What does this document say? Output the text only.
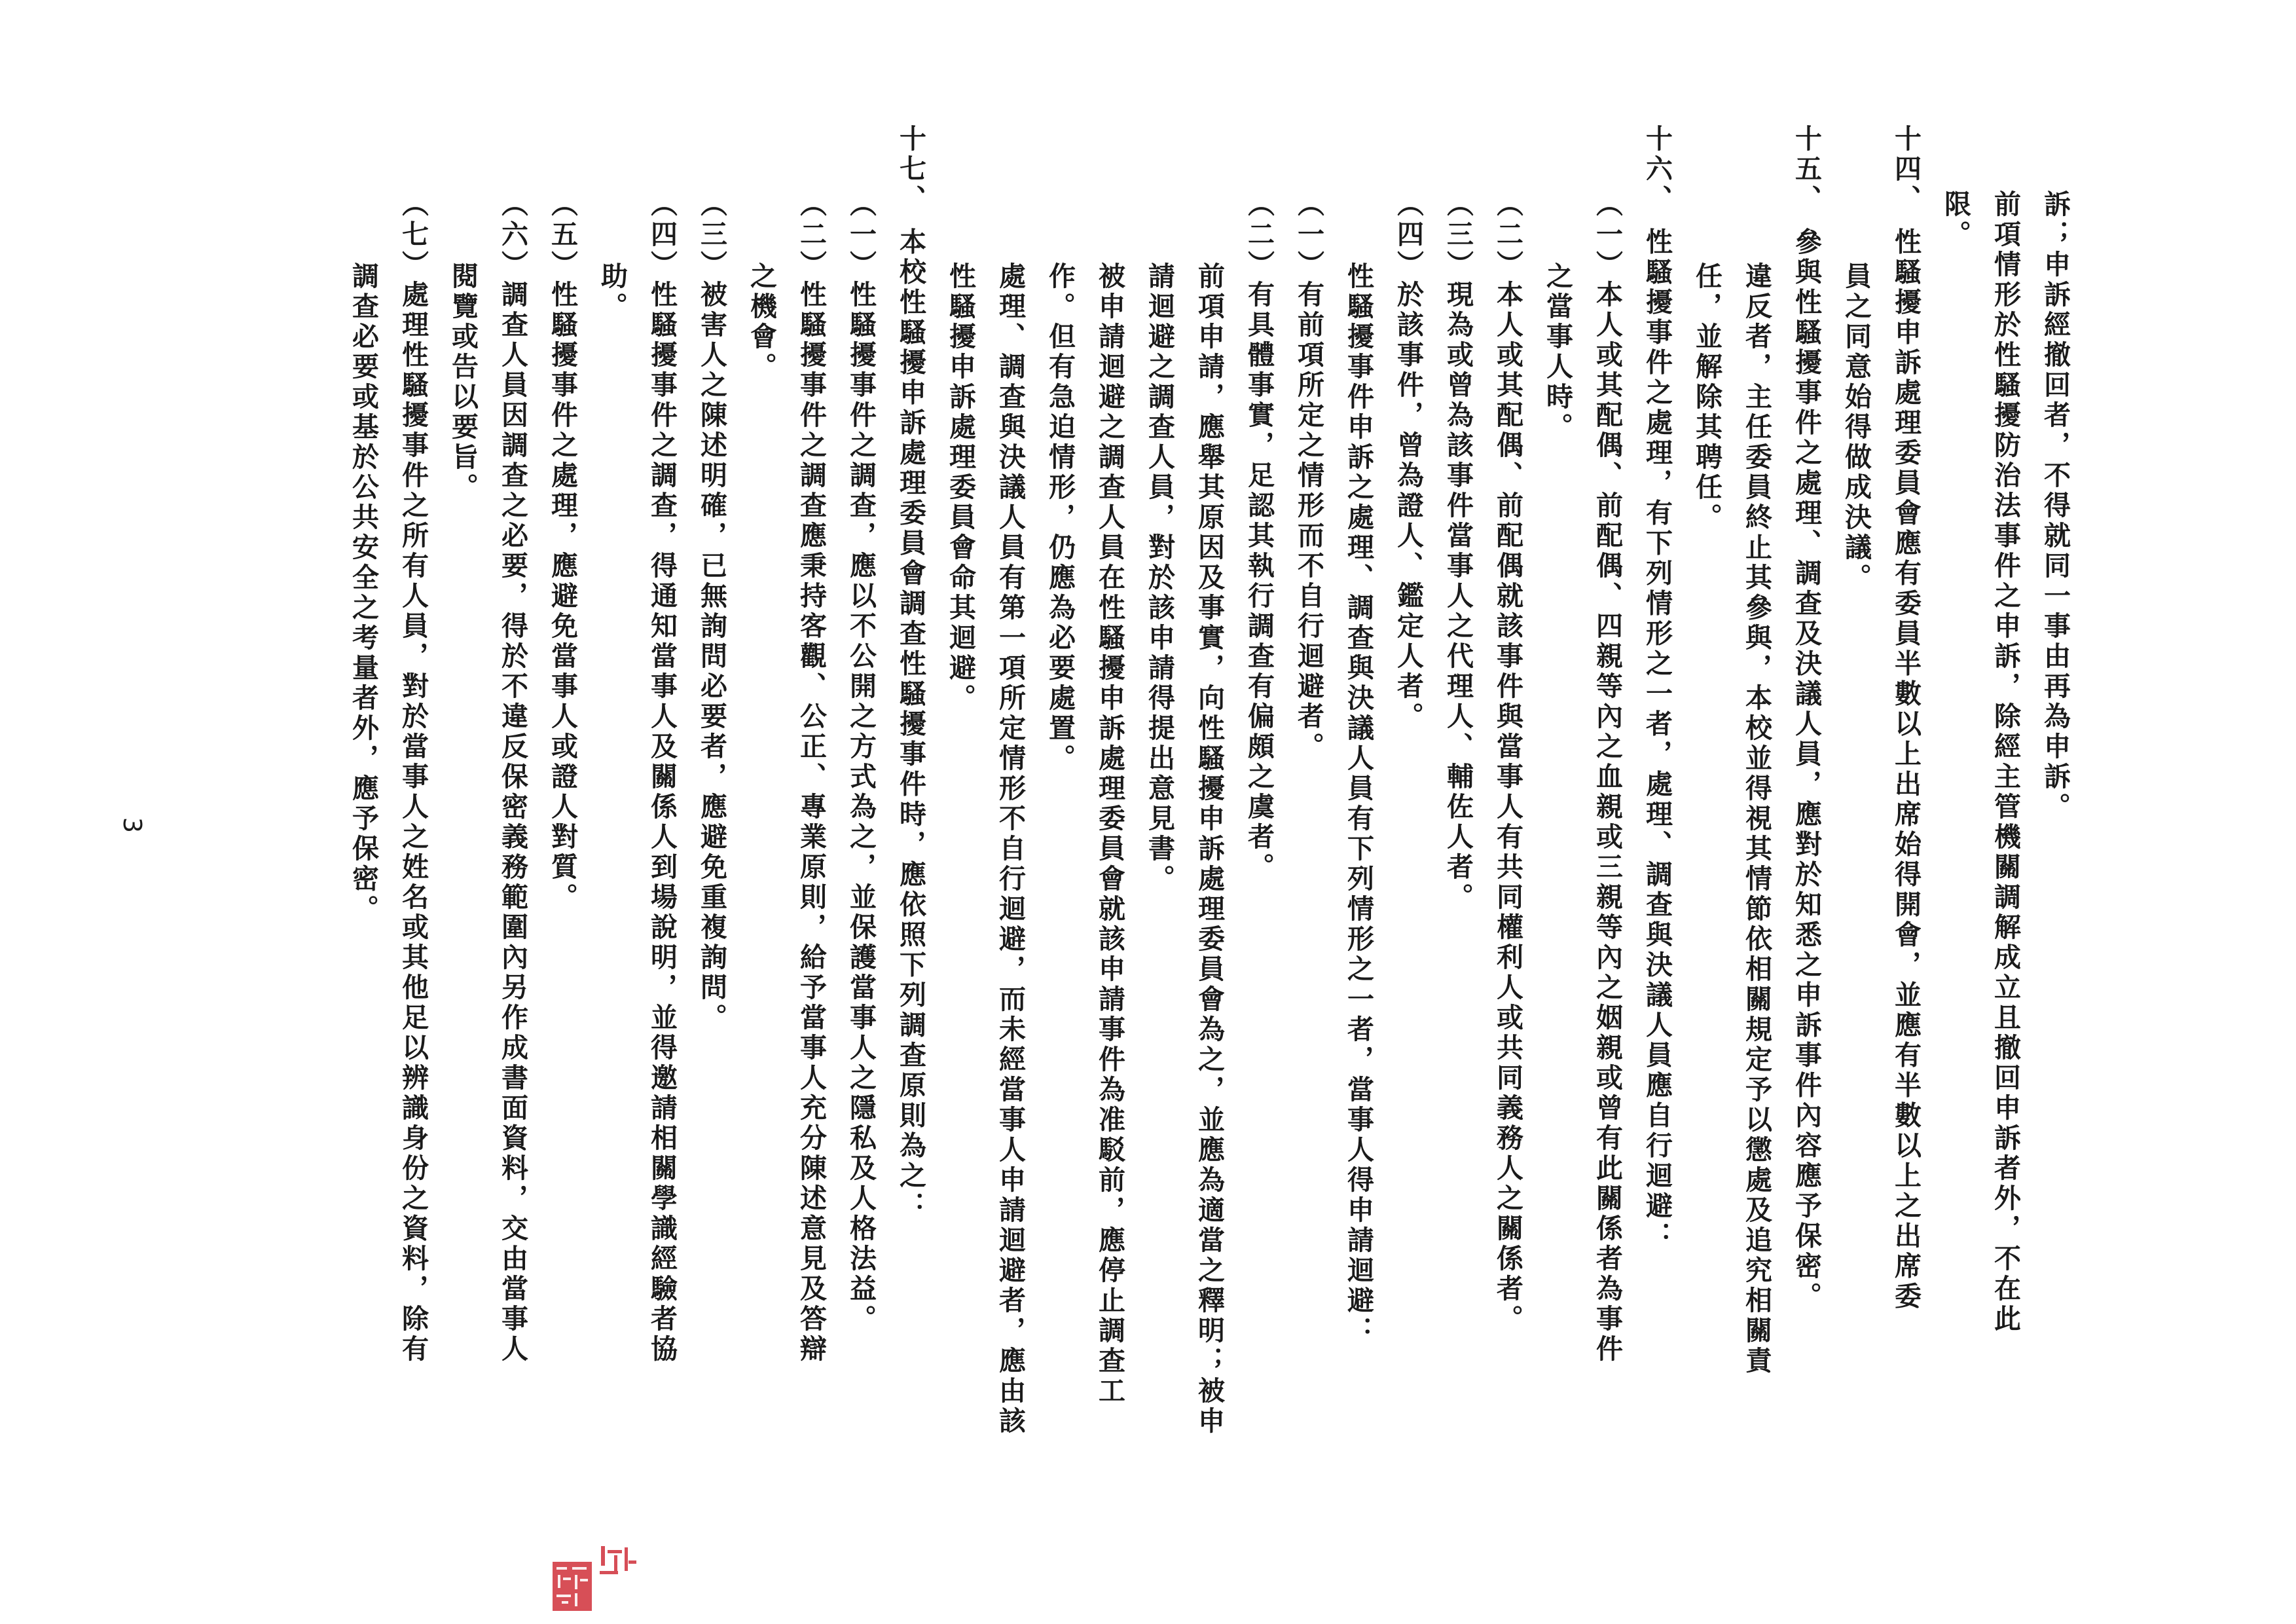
訴；申訴經撤回者，不得就同一事由再為申訴。
前項情形於性騷擾防治法事件之申訴，除經主管機關調解成立且撤回申訴者外，不在此
限。
十四、 性騷擾申訴處理委員會應有委員半數以上出席始得開會，並應有半數以上之出席委
員之同意始得做成決議。
十五、 參與性騷擾事件之處理、調查及決議人員，應對於知悉之申訴事件內容應予保密。
違反者，主任委員終止其參與，本校並得視其情節依相關規定予以懲處及追究相關責
任，並解除其聘任。
十六、 性騷擾事件之處理，有下列情形之一者，處理、調查與決議人員應自行迴避：
（一）本人或其配偶、前配偶、四親等內之血親或三親等內之姻親或曾有此關係者為事件
之當事人時。
（二）本人或其配偶、前配偶就該事件與當事人有共同權利人或共同義務人之關係者。
（三）現為或曾為該事件當事人之代理人、輔佐人者。
（四）於該事件，曾為證人、鑑定人者。
性騷擾事件申訴之處理、調查與決議人員有下列情形之一者，當事人得申請迴避：
（一）有前項所定之情形而不自行迴避者。
（二）有具體事實，足認其執行調查有偏頗之虞者。
前項申請，應舉其原因及事實，向性騷擾申訴處理委員會為之，並應為適當之釋明；被申
請迴避之調查人員，對於該申請得提出意見書。
被申請迴避之調查人員在性騷擾申訴處理委員會就該申請事件為准駁前，應停止調查工
作。但有急迫情形，仍應為必要處置。
處理、調查與決議人員有第一項所定情形不自行迴避，而未經當事人申請迴避者，應由該
性騷擾申訴處理委員會命其迴避。
十七、 本校性騷擾申訴處理委員會調查性騷擾事件時，應依照下列調查原則為之：
（一）性騷擾事件之調查，應以不公開之方式為之，並保護當事人之隱私及人格法益。
（二）性騷擾事件之調查應秉持客觀、公正、專業原則，給予當事人充分陳述意見及答辯
之機會。
（三）被害人之陳述明確，已無詢問必要者，應避免重複詢問。
（四）性騷擾事件之調查，得通知當事人及關係人到場說明，並得邀請相關學識經驗者協
助。
（五）性騷擾事件之處理，應避免當事人或證人對質。
（六）調查人員因調查之必要，得於不違反保密義務範圍內另作成書面資料，交由當事人
閱覽或告以要旨。
（七）處理性騷擾事件之所有人員，對於當事人之姓名或其他足以辨識身份之資料，除有
調查必要或基於公共安全之考量者外，應予保密。
3
